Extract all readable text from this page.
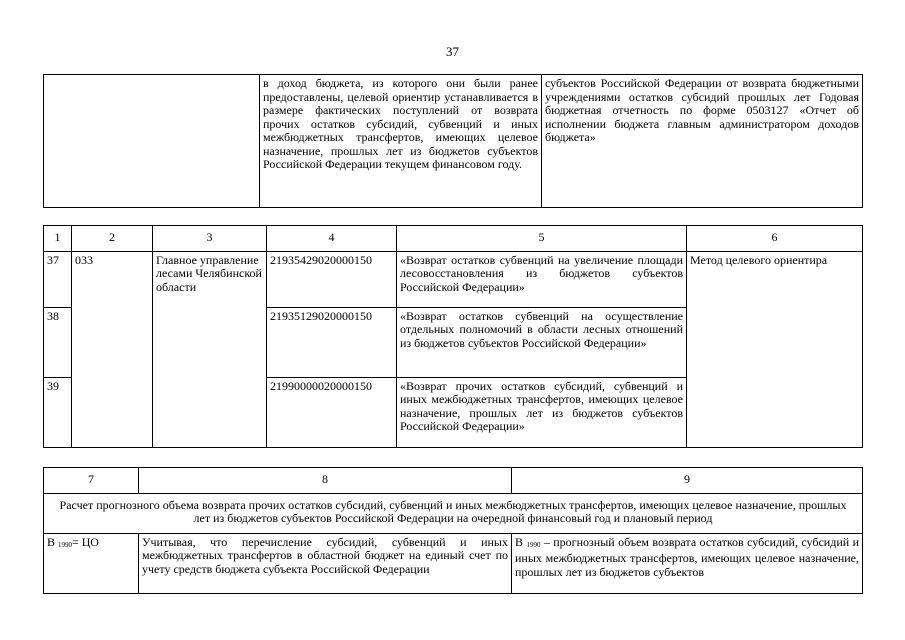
37
	в доход бюджета, из которого они были ранее предоставлены, целевой ориентир устанавливается в размере фактических поступлений от возврата прочих остатков субсидий, субвенций и иных межбюджетных трансфертов, имеющих целевое назначение, прошлых лет из бюджетов субъектов Российской Федерации текущем финансовом году.	субъектов Российской Федерации от возврата бюджетными учреждениями остатков субсидий прошлых лет Годовая бюджетная отчетность по форме 0503127 «Отчет об исполнении бюджета главным администратором доходов бюджета»
1	2	3	4	5	6
37	033	Главное управление лесами Челябинской области	21935429020000150	«Возврат остатков субвенций на увеличение площади лесовосстановления из бюджетов субъектов Российской Федерации»	Метод целевого ориентира
38			21935129020000150	«Возврат остатков субвенций на осуществление отдельных полномочий в области лесных отношений из бюджетов субъектов Российской Федерации»	
39			21990000020000150	«Возврат прочих остатков субсидий, субвенций и иных межбюджетных трансфертов, имеющих целевое назначение, прошлых лет из бюджетов субъектов Российской Федерации»	
7	8	9
Расчет прогнозного объема возврата прочих остатков субсидий, субвенций и иных межбюджетных трансфертов, имеющих целевое назначение, прошлых лет из бюджетов субъектов Российской Федерации на очередной финансовый год и плановый период		
В 1990= ЦО	Учитывая, что перечисление субсидий, субвенций и иных межбюджетных трансфертов в областной бюджет на единый счет по учету средств бюджета субъекта Российской Федерации	В 1990 – прогнозный объем возврата остатков субсидий, субсидий и иных межбюджетных трансфертов, имеющих целевое назначение, прошлых лет из бюджетов субъектов
